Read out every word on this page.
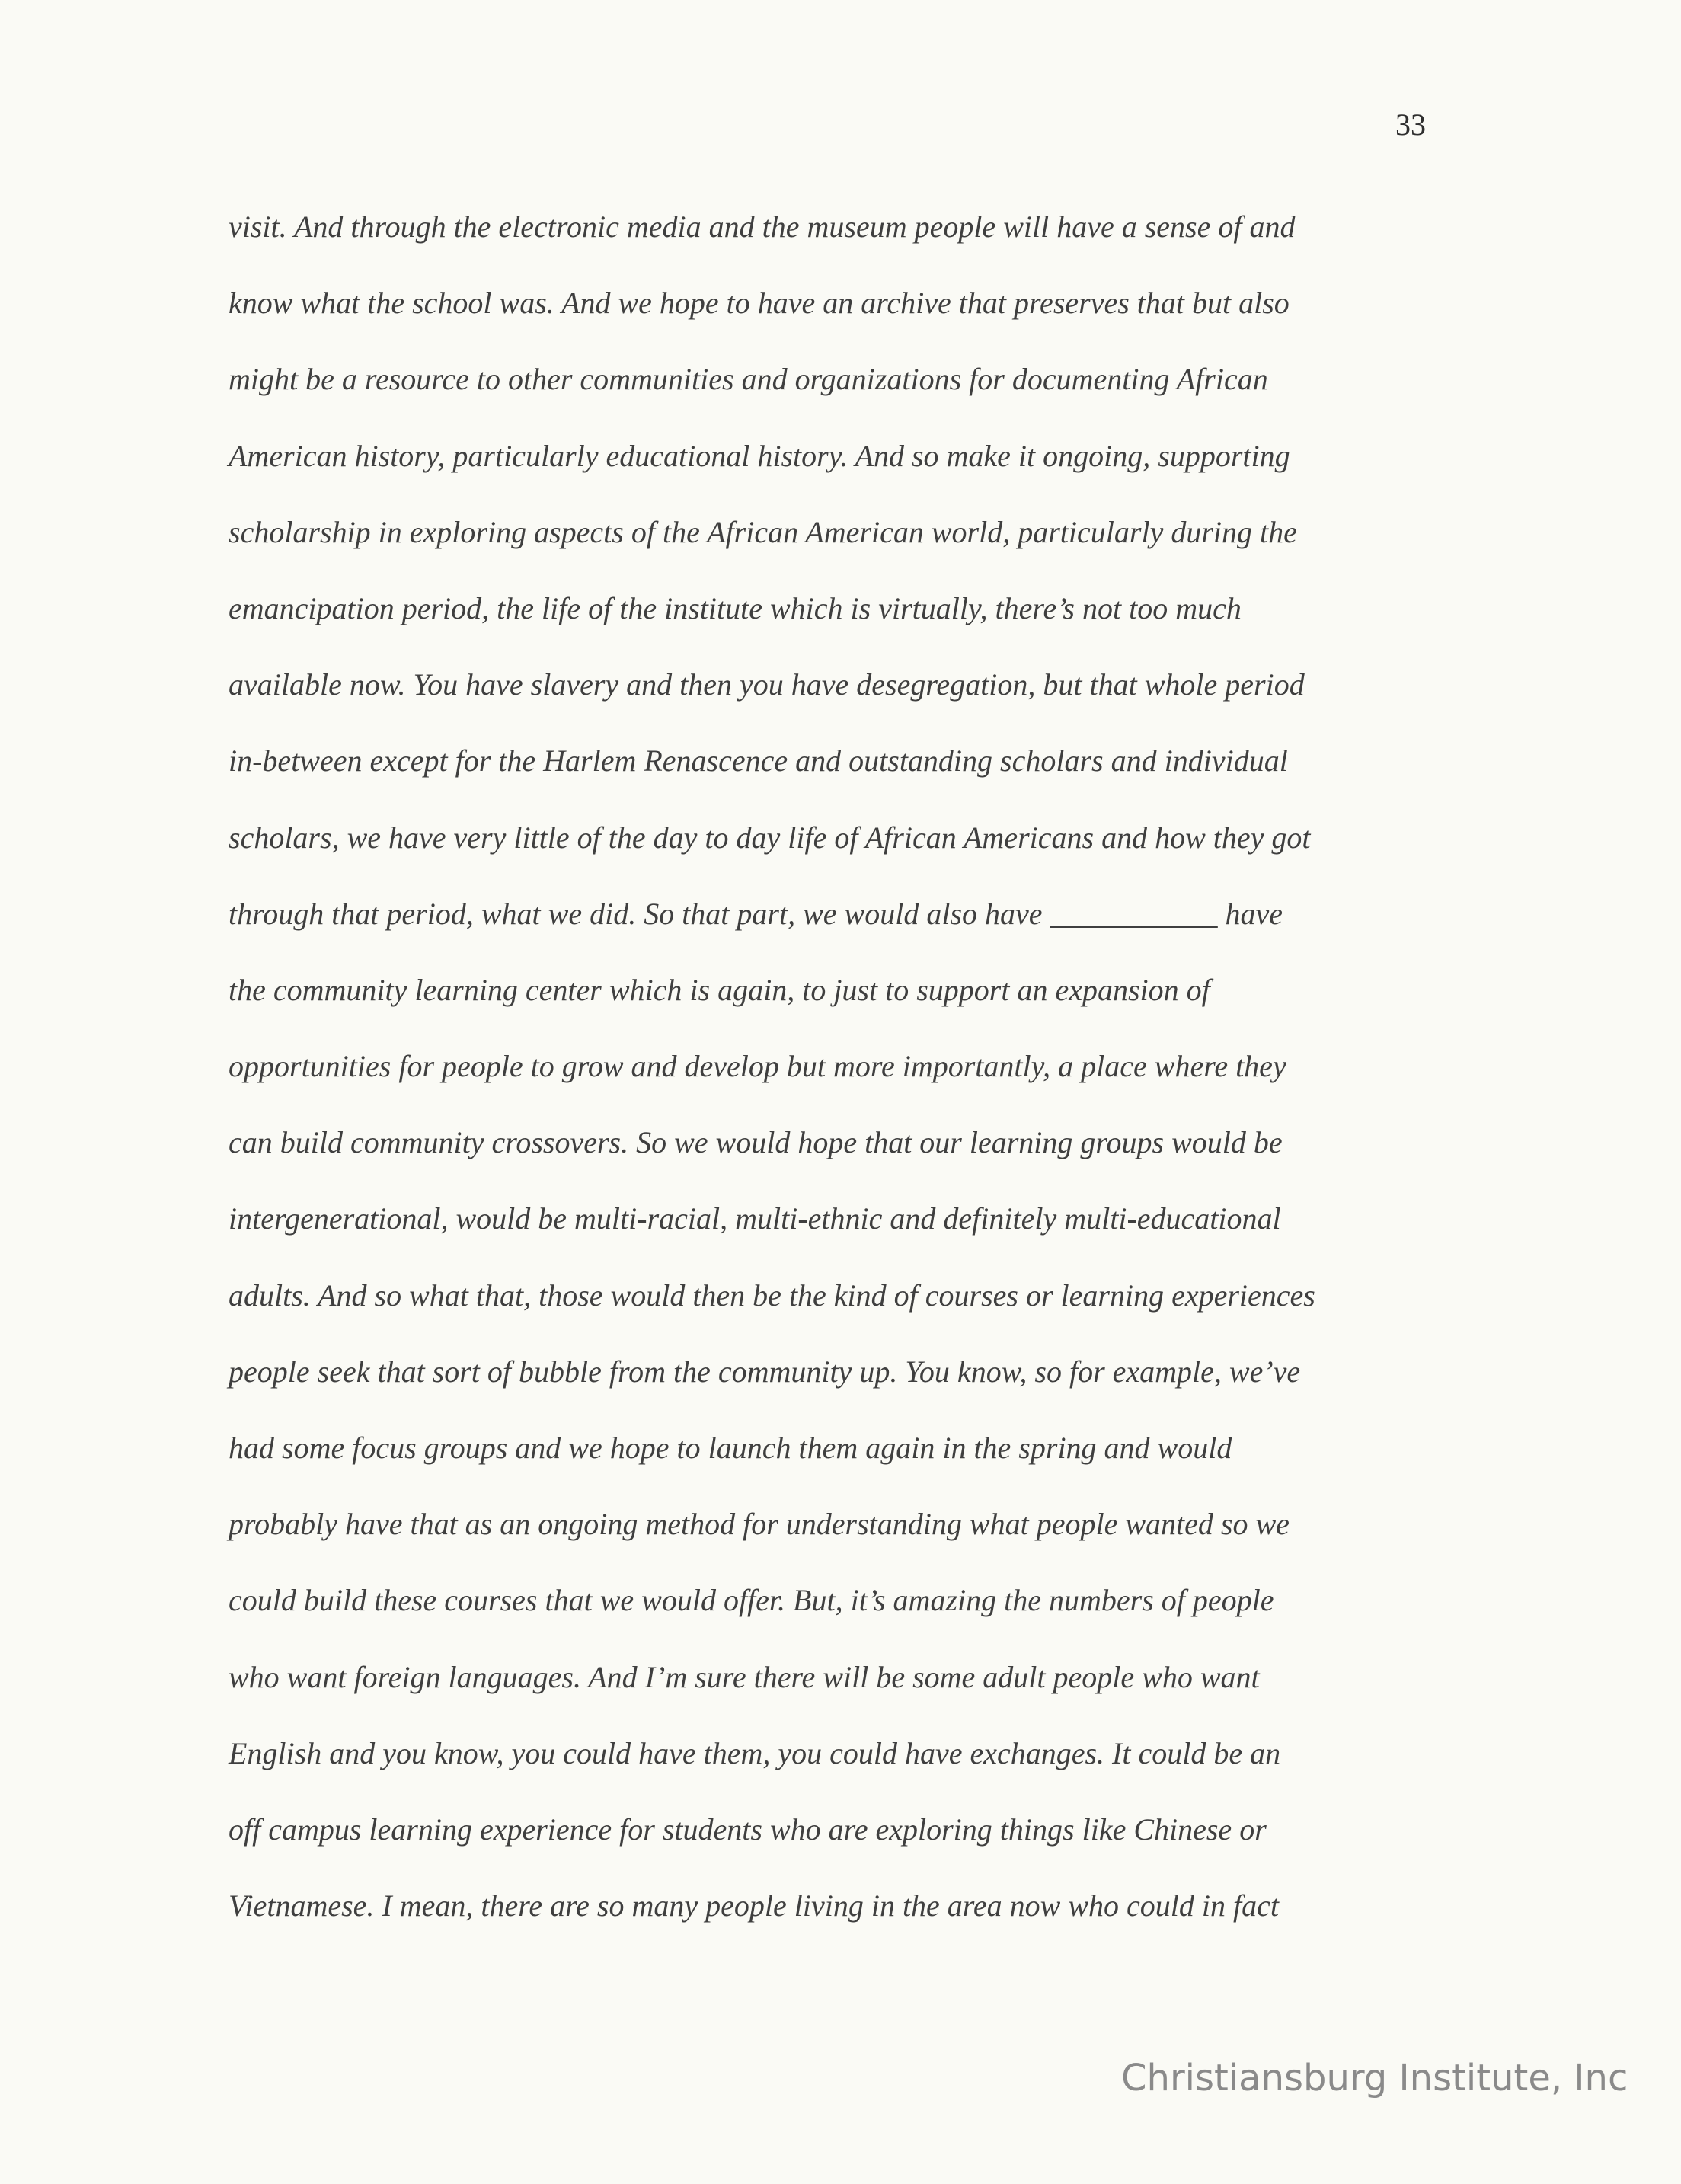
33
visit. And through the electronic media and the museum people will have a sense of and
know what the school was. And we hope to have an archive that preserves that but also
might be a resource to other communities and organizations for documenting African
American history, particularly educational history. And so make it ongoing, supporting
scholarship in exploring aspects of the African American world, particularly during the
emancipation period, the life of the institute which is virtually, there’s not too much
available now. You have slavery and then you have desegregation, but that whole period
in-between except for the Harlem Renascence and outstanding scholars and individual
scholars, we have very little of the day to day life of African Americans and how they got
through that period, what we did. So that part, we would also have ___________ have
the community learning center which is again, to just to support an expansion of
opportunities for people to grow and develop but more importantly, a place where they
can build community crossovers. So we would hope that our learning groups would be
intergenerational, would be multi-racial, multi-ethnic and definitely multi-educational
adults. And so what that, those would then be the kind of courses or learning experiences
people seek that sort of bubble from the community up. You know, so for example, we’ve
had some focus groups and we hope to launch them again in the spring and would
probably have that as an ongoing method for understanding what people wanted so we
could build these courses that we would offer. But, it’s amazing the numbers of people
who want foreign languages. And I’m sure there will be some adult people who want
English and you know, you could have them, you could have exchanges. It could be an
off campus learning experience for students who are exploring things like Chinese or
Vietnamese. I mean, there are so many people living in the area now who could in fact
Christiansburg Institute, Inc
